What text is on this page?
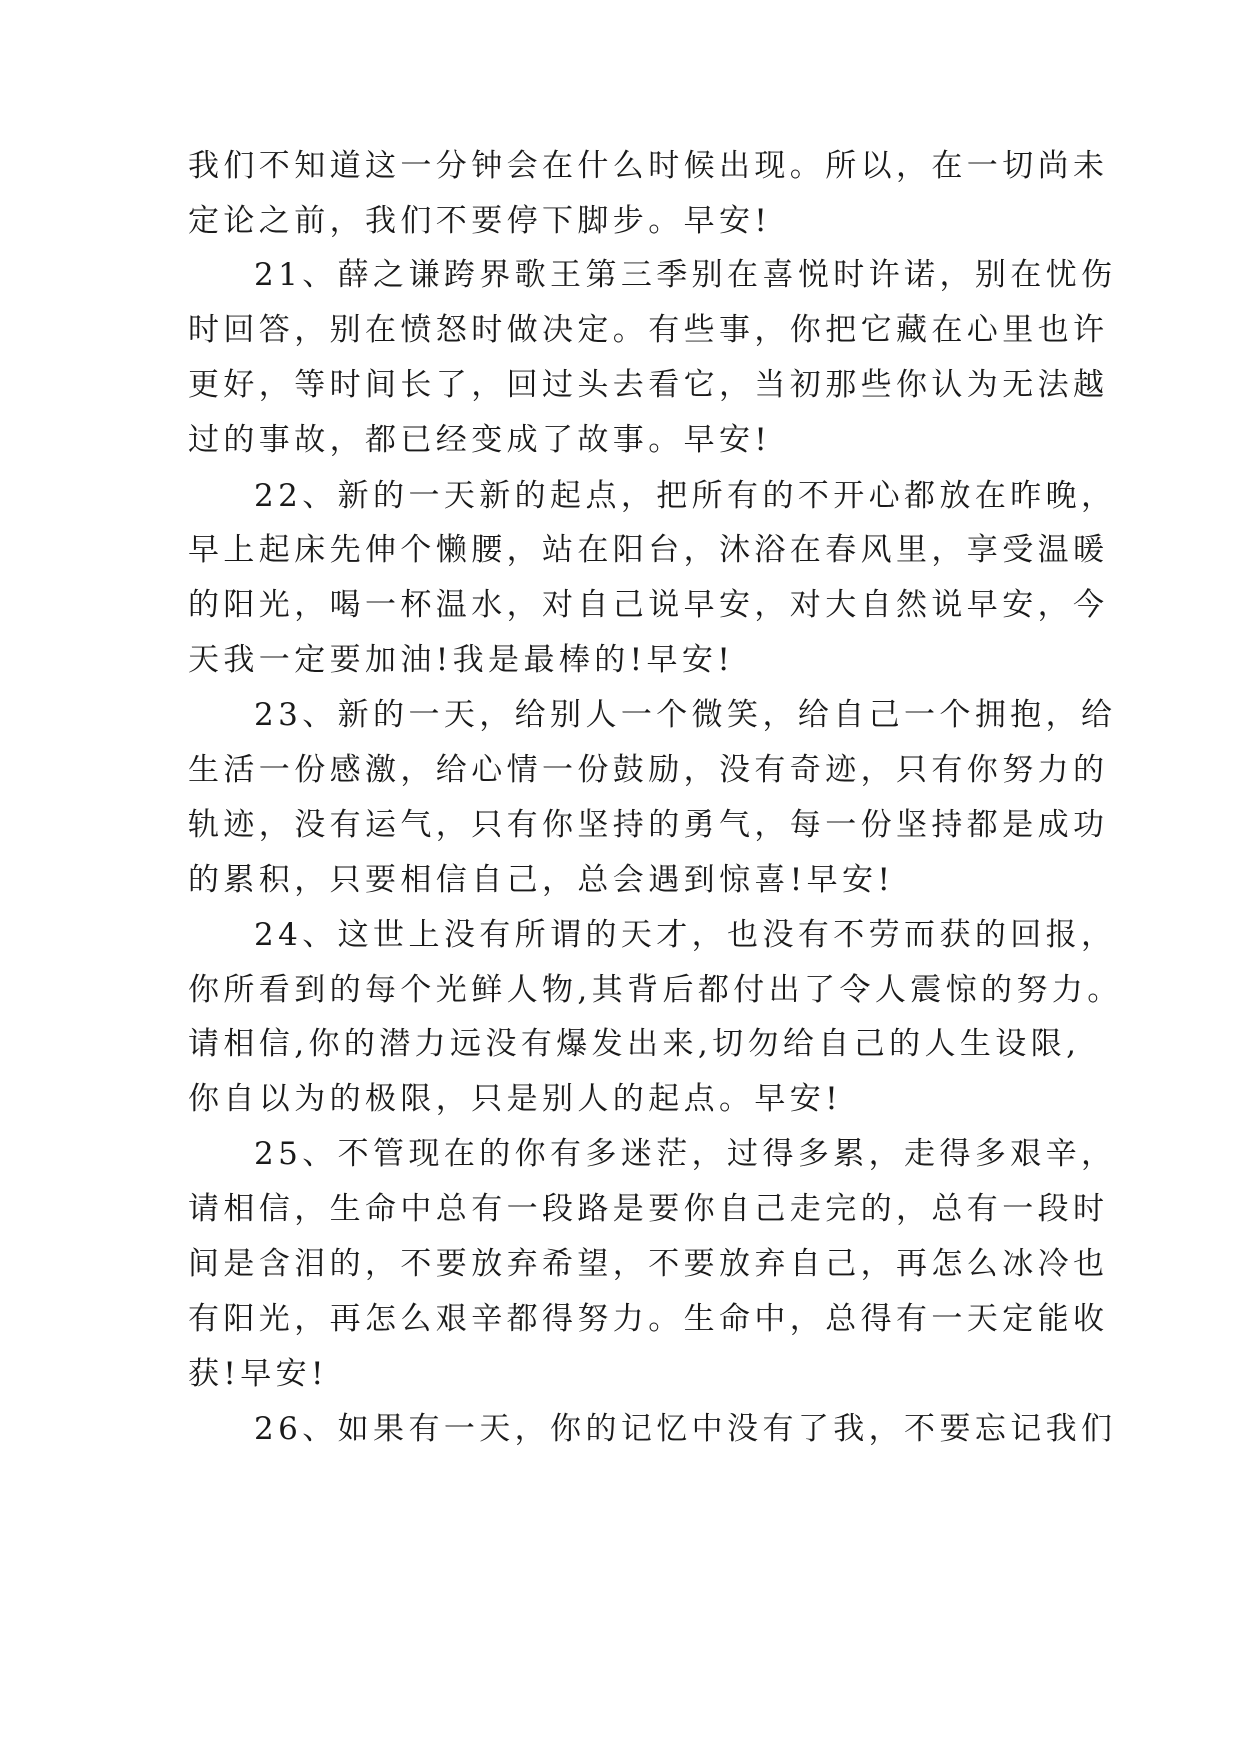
我们不知道这一分钟会在什么时候出现。所以，在一切尚未
定论之前，我们不要停下脚步。早安!
21、薛之谦跨界歌王第三季别在喜悦时许诺，别在忧伤
时回答，别在愤怒时做决定。有些事，你把它藏在心里也许
更好，等时间长了，回过头去看它，当初那些你认为无法越
过的事故，都已经变成了故事。早安!
22、新的一天新的起点，把所有的不开心都放在昨晚，
早上起床先伸个懒腰，站在阳台，沐浴在春风里，享受温暖
的阳光，喝一杯温水，对自己说早安，对大自然说早安，今
天我一定要加油!我是最棒的!早安!
23、新的一天，给别人一个微笑，给自己一个拥抱，给
生活一份感激，给心情一份鼓励，没有奇迹，只有你努力的
轨迹，没有运气，只有你坚持的勇气，每一份坚持都是成功
的累积，只要相信自己，总会遇到惊喜!早安!
24、这世上没有所谓的天才，也没有不劳而获的回报，
你所看到的每个光鲜人物,其背后都付出了令人震惊的努力。
请相信,你的潜力远没有爆发出来,切勿给自己的人生设限,
你自以为的极限，只是别人的起点。早安!
25、不管现在的你有多迷茫，过得多累，走得多艰辛，
请相信，生命中总有一段路是要你自己走完的，总有一段时
间是含泪的，不要放弃希望，不要放弃自己，再怎么冰冷也
有阳光，再怎么艰辛都得努力。生命中，总得有一天定能收
获!早安!
26、如果有一天，你的记忆中没有了我，不要忘记我们
